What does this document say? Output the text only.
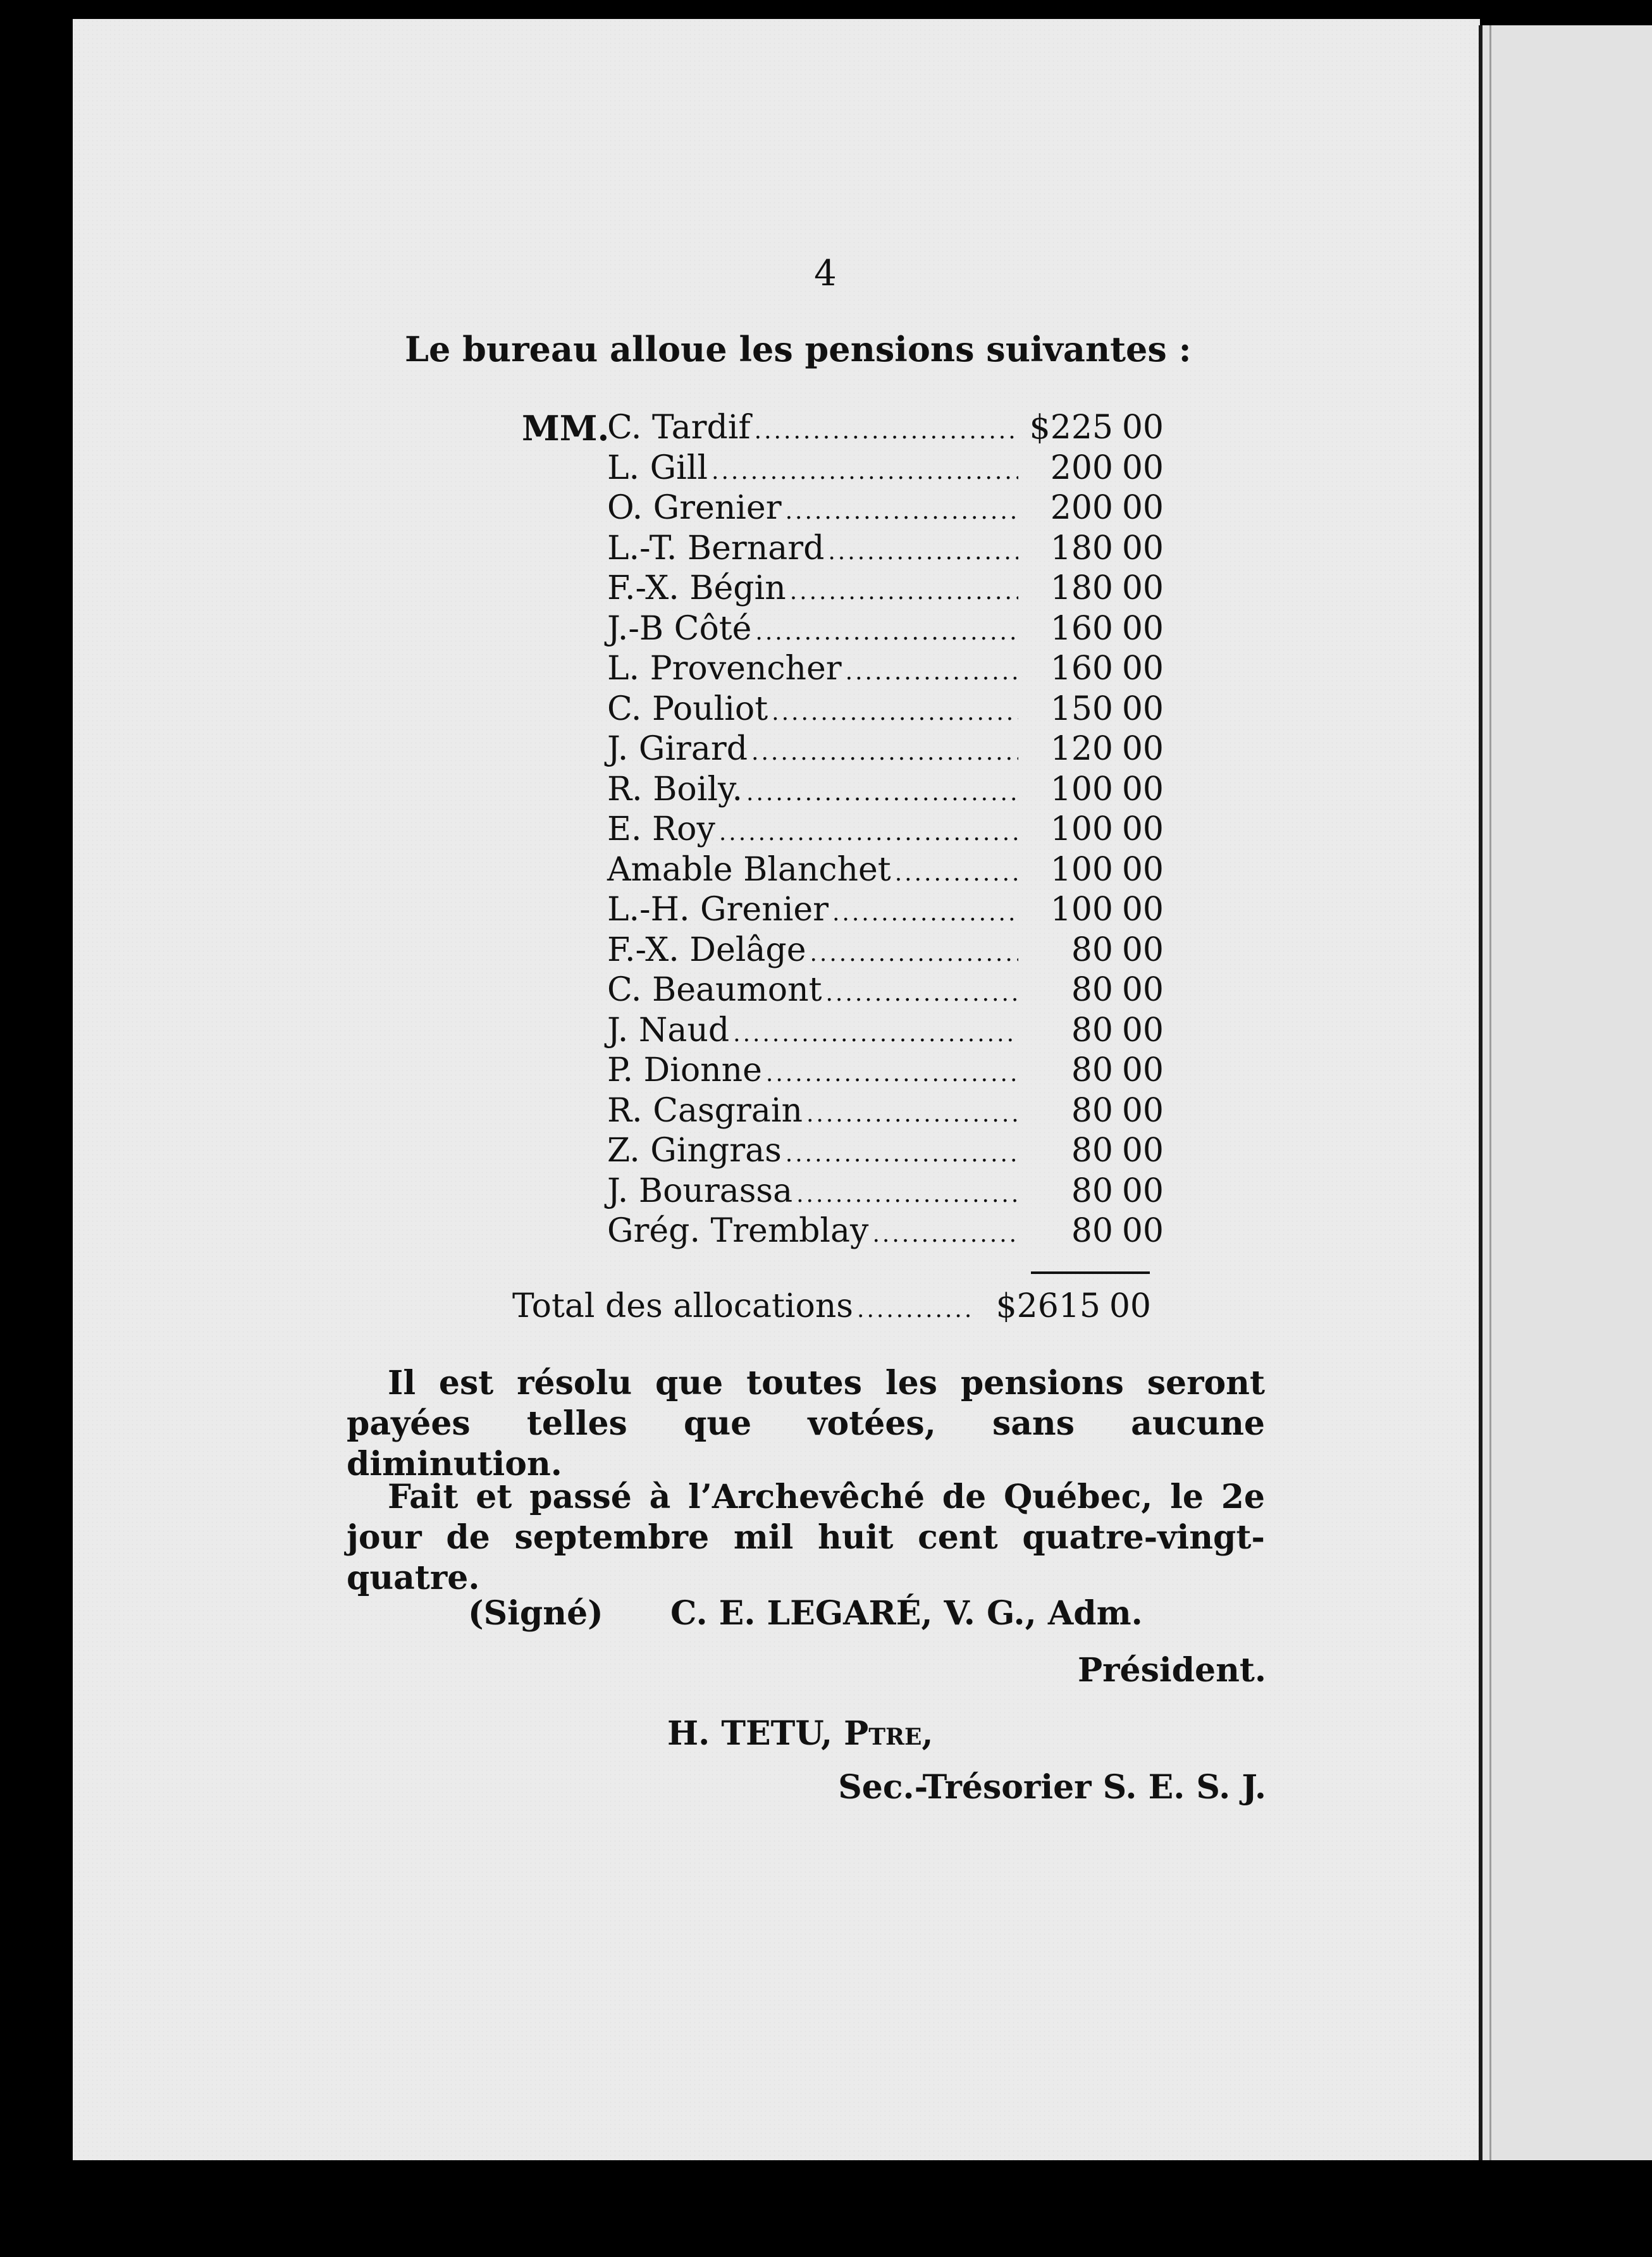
4
Le bureau alloue les pensions suivantes :
MM.
C. Tardif .....	$225 00
L. Gill .....	200 00
O. Grenier .....	200 00
L.-T. Bernard .....	180 00
F.-X. Bégin .....	180 00
J.-B Côté .....	160 00
L. Provencher .....	160 00
C. Pouliot .....	150 00
J. Girard .....	120 00
R. Boily. .....	100 00
E. Roy .....	100 00
Amable Blanchet .....	100 00
L.-H. Grenier .....	100 00
F.-X. Delâge .....	80 00
C. Beaumont .....	80 00
J. Naud .....	80 00
P. Dionne .....	80 00
R. Casgrain .....	80 00
Z. Gingras .....	80 00
J. Bourassa .....	80 00
Grég. Tremblay .....	80 00
Total des allocations .....	$2615 00
Il est résolu que toutes les pensions seront payées telles que votées, sans aucune diminution.
Fait et passé à l’Archevêché de Québec, le 2e jour de septembre mil huit cent quatre-vingt-quatre.
(Signé) C. E. LEGARÉ, V. G., Adm.
Président.
H. TETU, Ptre,
Sec.-Trésorier S. E. S. J.
